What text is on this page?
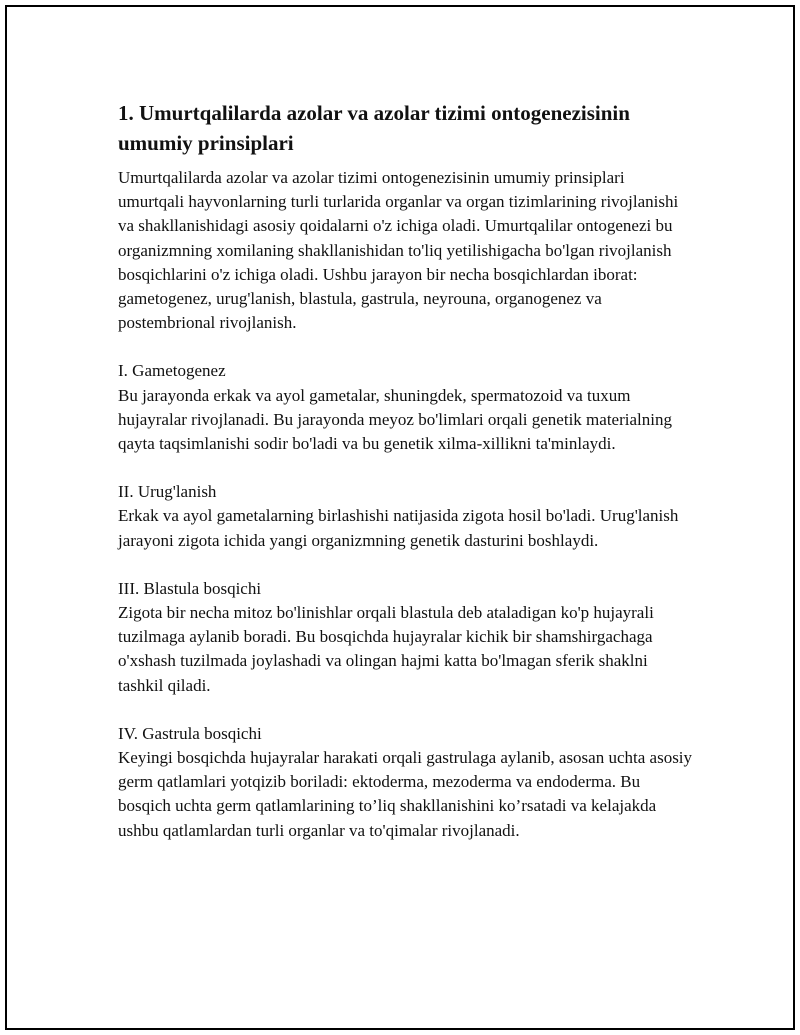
1. Umurtqalilarda azolar va azolar tizimi ontogenezisinin umumiy prinsiplari

Umurtqalilarda azolar va azolar tizimi ontogenezisinin umumiy prinsiplari umurtqali hayvonlarning turli turlarida organlar va organ tizimlarining rivojlanishi va shakllanishidagi asosiy qoidalarni o'z ichiga oladi. Umurtqalilar ontogenezi bu organizmning xomilaning shakllanishidan to'liq yetilishigacha bo'lgan rivojlanish bosqichlarini o'z ichiga oladi. Ushbu jarayon bir necha bosqichlardan iborat: gametogenez, urug'lanish, blastula, gastrula, neyrouna, organogenez va postembrional rivojlanish.

I. Gametogenez

Bu jarayonda erkak va ayol gametalar, shuningdek, spermatozoid va tuxum hujayralar rivojlanadi. Bu jarayonda meyoz bo'limlari orqali genetik materialning qayta taqsimlanishi sodir bo'ladi va bu genetik xilma-xillikni ta'minlaydi.

II. Urug'lanish

Erkak va ayol gametalarning birlashishi natijasida zigota hosil bo'ladi. Urug'lanish jarayoni zigota ichida yangi organizmning genetik dasturini boshlaydi.

III. Blastula bosqichi

Zigota bir necha mitoz bo'linishlar orqali blastula deb ataladigan ko'p hujayrali tuzilmaga aylanib boradi. Bu bosqichda hujayralar kichik bir shamshirgachaga o'xshash tuzilmada joylashadi va olingan hajmi katta bo'lmagan sferik shaklni tashkil qiladi.

IV. Gastrula bosqichi

Keyingi bosqichda hujayralar harakati orqali gastrulaga aylanib, asosan uchta asosiy germ qatlamlari yotqizib boriladi: ektoderma, mezoderma va endoderma. Bu bosqich uchta germ qatlamlarining to’liq shakllanishini ko’rsatadi va kelajakda ushbu qatlamlardan turli organlar va to'qimalar rivojlanadi.
